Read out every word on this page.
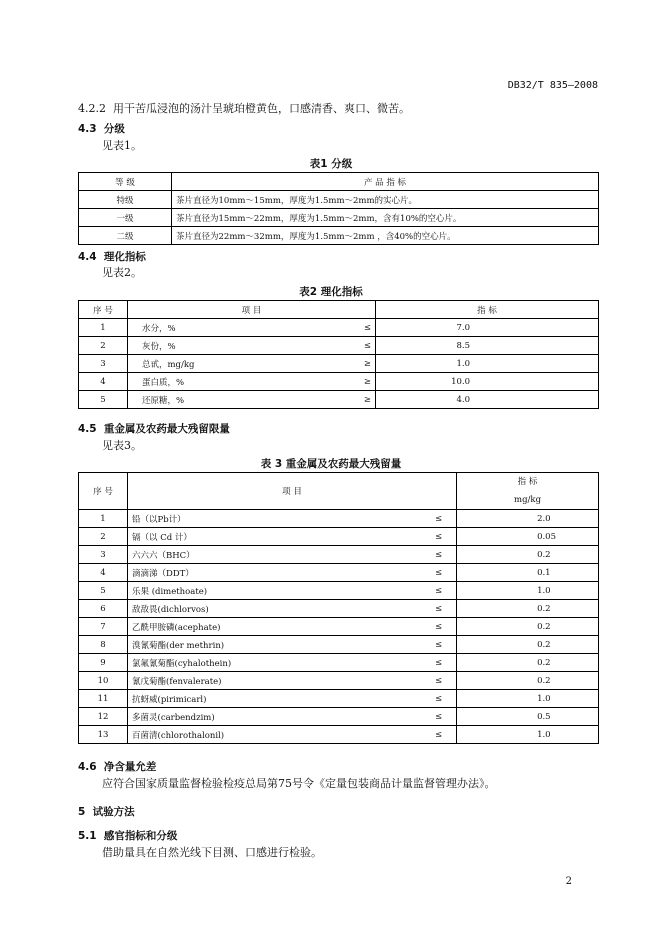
DB32/T 835—2008
4.2.2 用干苦瓜浸泡的汤汁呈琥珀橙黄色，口感清香、爽口、微苦。
4.3 分级
见表1。
表1 分级
等 级	产 品 指 标
特级	茶片直径为10mm～15mm，厚度为1.5mm～2mm的实心片。
一级	茶片直径为15mm～22mm，厚度为1.5mm～2mm，含有10%的空心片。
二级	茶片直径为22mm～32mm，厚度为1.5mm～2mm ，含40%的空心片。
4.4 理化指标
见表2。
表2 理化指标
序 号	项 目		指 标
1	水分，%	≤	7.0
2	灰份，%	≤	8.5
3	总甙，mg/kg	≥	1.0
4	蛋白质，%	≥	10.0
5	还原糖，%	≥	4.0
4.5 重金属及农药最大残留限量
见表3。
表 3 重金属及农药最大残留量
序 号	项 目		指 标
mg/kg

1	铅（以Pb计）	≤	2.0
2	镉（以 Cd 计）	≤	0.05
3	六六六（BHC）	≤	0.2
4	滴滴涕（DDT）	≤	0.1
5	乐果 (dimethoate)	≤	1.0
6	敌敌畏(dichlorvos)	≤	0.2
7	乙酰甲胺磷(acephate)	≤	0.2
8	溴氰菊酯(der methrin)	≤	0.2
9	氯氟氰菊酯(cyhalothein)	≤	0.2
10	氰戊菊酯(fenvalerate)	≤	0.2
11	抗蚜威(pirimicarl)	≤	1.0
12	多菌灵(carbendzim)	≤	0.5
13	百菌清(chlorothalonil)	≤	1.0
4.6 净含量允差
应符合国家质量监督检验检疫总局第75号令《定量包装商品计量监督管理办法》。
5 试验方法
5.1 感官指标和分级
借助量具在自然光线下目测、口感进行检验。
2
